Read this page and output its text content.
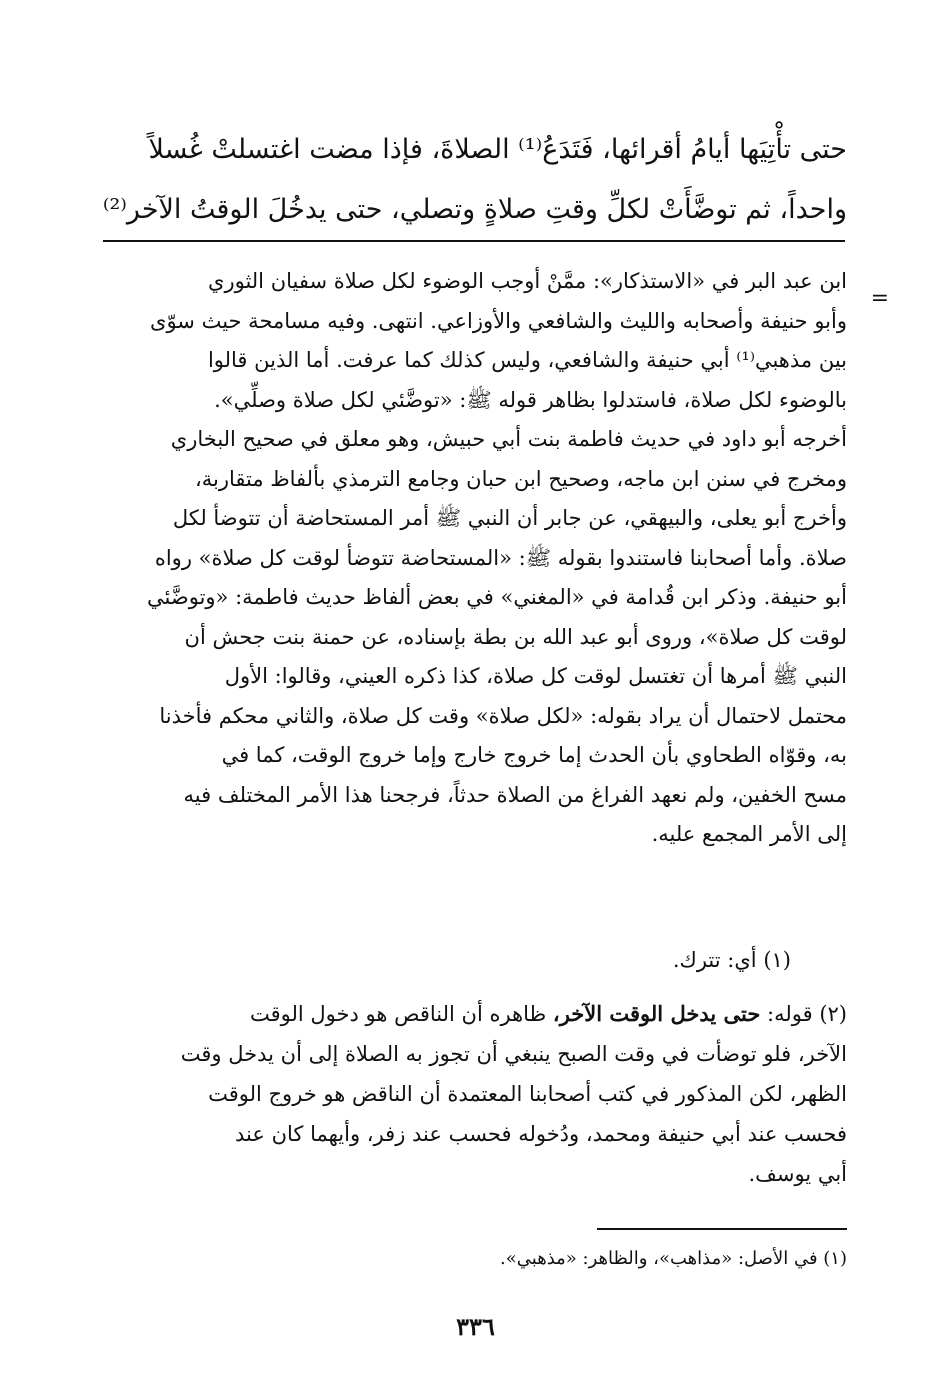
حتى تأْتِيَها أيامُ أقرائها، فَتَدَعُ⁽¹⁾ الصلاةَ، فإذا مضت اغتسلتْ غُسلاً
واحداً، ثم توضَّأَتْ لكلِّ وقتِ صلاةٍ وتصلي، حتى يدخُلَ الوقتُ الآخر⁽²⁾
=
ابن عبد البر في «الاستذكار»: ممَّنْ أوجب الوضوء لكل صلاة سفيان الثوري
وأبو حنيفة وأصحابه والليث والشافعي والأوزاعي. انتهى. وفيه مسامحة حيث سوّى
بين مذهبي⁽¹⁾ أبي حنيفة والشافعي، وليس كذلك كما عرفت. أما الذين قالوا
بالوضوء لكل صلاة، فاستدلوا بظاهر قوله ﷺ: «توضَّئي لكل صلاة وصلِّي».
أخرجه أبو داود في حديث فاطمة بنت أبي حبيش، وهو معلق في صحيح البخاري
ومخرج في سنن ابن ماجه، وصحيح ابن حبان وجامع الترمذي بألفاظ متقاربة،
وأخرج أبو يعلى، والبيهقي، عن جابر أن النبي ﷺ أمر المستحاضة أن تتوضأ لكل
صلاة. وأما أصحابنا فاستندوا بقوله ﷺ: «المستحاضة تتوضأ لوقت كل صلاة» رواه
أبو حنيفة. وذكر ابن قُدامة في «المغني» في بعض ألفاظ حديث فاطمة: «وتوضَّئي
لوقت كل صلاة»، وروى أبو عبد الله بن بطة بإسناده، عن حمنة بنت جحش أن
النبي ﷺ أمرها أن تغتسل لوقت كل صلاة، كذا ذكره العيني، وقالوا: الأول
محتمل لاحتمال أن يراد بقوله: «لكل صلاة» وقت كل صلاة، والثاني محكم فأخذنا
به، وقوّاه الطحاوي بأن الحدث إما خروج خارج وإما خروج الوقت، كما في
مسح الخفين، ولم نعهد الفراغ من الصلاة حدثاً، فرجحنا هذا الأمر المختلف فيه
إلى الأمر المجمع عليه.
(١) أي: تترك.
(٢) قوله: حتى يدخل الوقت الآخر، ظاهره أن الناقص هو دخول الوقت
الآخر، فلو توضأت في وقت الصبح ينبغي أن تجوز به الصلاة إلى أن يدخل وقت
الظهر، لكن المذكور في كتب أصحابنا المعتمدة أن الناقض هو خروج الوقت
فحسب عند أبي حنيفة ومحمد، ودُخوله فحسب عند زفر، وأيهما كان عند
أبي يوسف.
(١) في الأصل: «مذاهب»، والظاهر: «مذهبي».
٣٣٦
